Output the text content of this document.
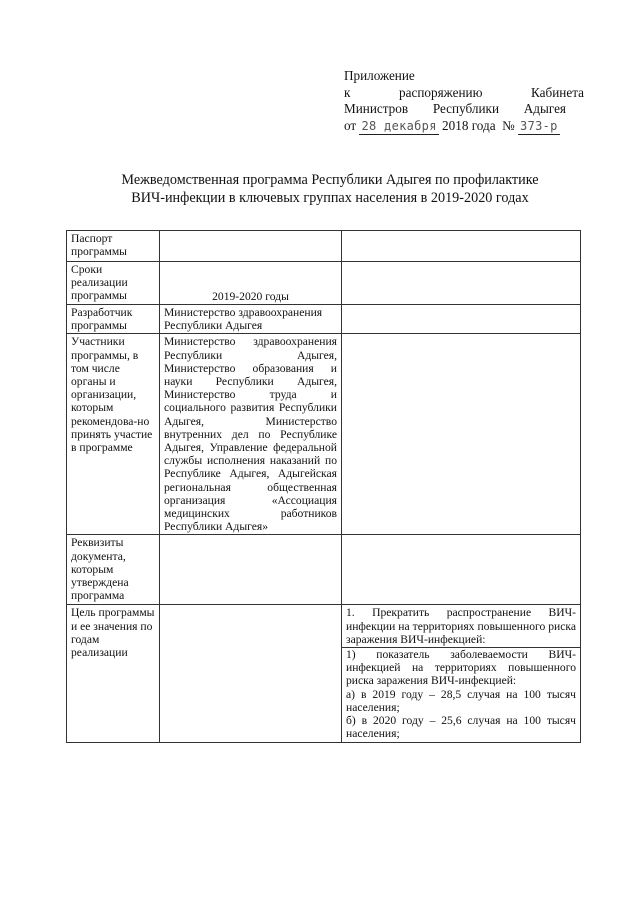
Приложение
к	распоряжению	Кабинета
Министров Республики Адыгея
от
28 декабря
2018 года
№
373-р
Межведомственная программа Республики Адыгея по профилактике
ВИЧ-инфекции в ключевых группах населения в 2019-2020 годах
Паспорт программы		
Сроки реализации программы	2019-2020 годы	
Разработчик программы	Министерство здравоохранения Республики Адыгея	
Участники программы, в том числе органы и организации, которым рекомендова-но принять участие в программе	Министерство здравоохранения Республики Адыгея, Министерство образования и науки Республики Адыгея, Министерство труда и социального развития Республики Адыгея, Министерство внутренних дел по Республике Адыгея, Управление федеральной службы исполнения наказаний по Республике Адыгея, Адыгейская региональная общественная организация «Ассоциация медицинских работников Республики Адыгея»	
Реквизиты документа, которым утверждена программа		
Цель программы и ее значения по годам реализации		1. Прекратить распространение ВИЧ-инфекции на территориях повышенного риска заражения ВИЧ-инфекцией:
1) показатель заболеваемости ВИЧ-инфекцией на территориях повышенного риска заражения ВИЧ-инфекцией:
а) в 2019 году – 28,5 случая на 100 тысяч населения;
б) в 2020 году – 25,6 случая на 100 тысяч населения;
